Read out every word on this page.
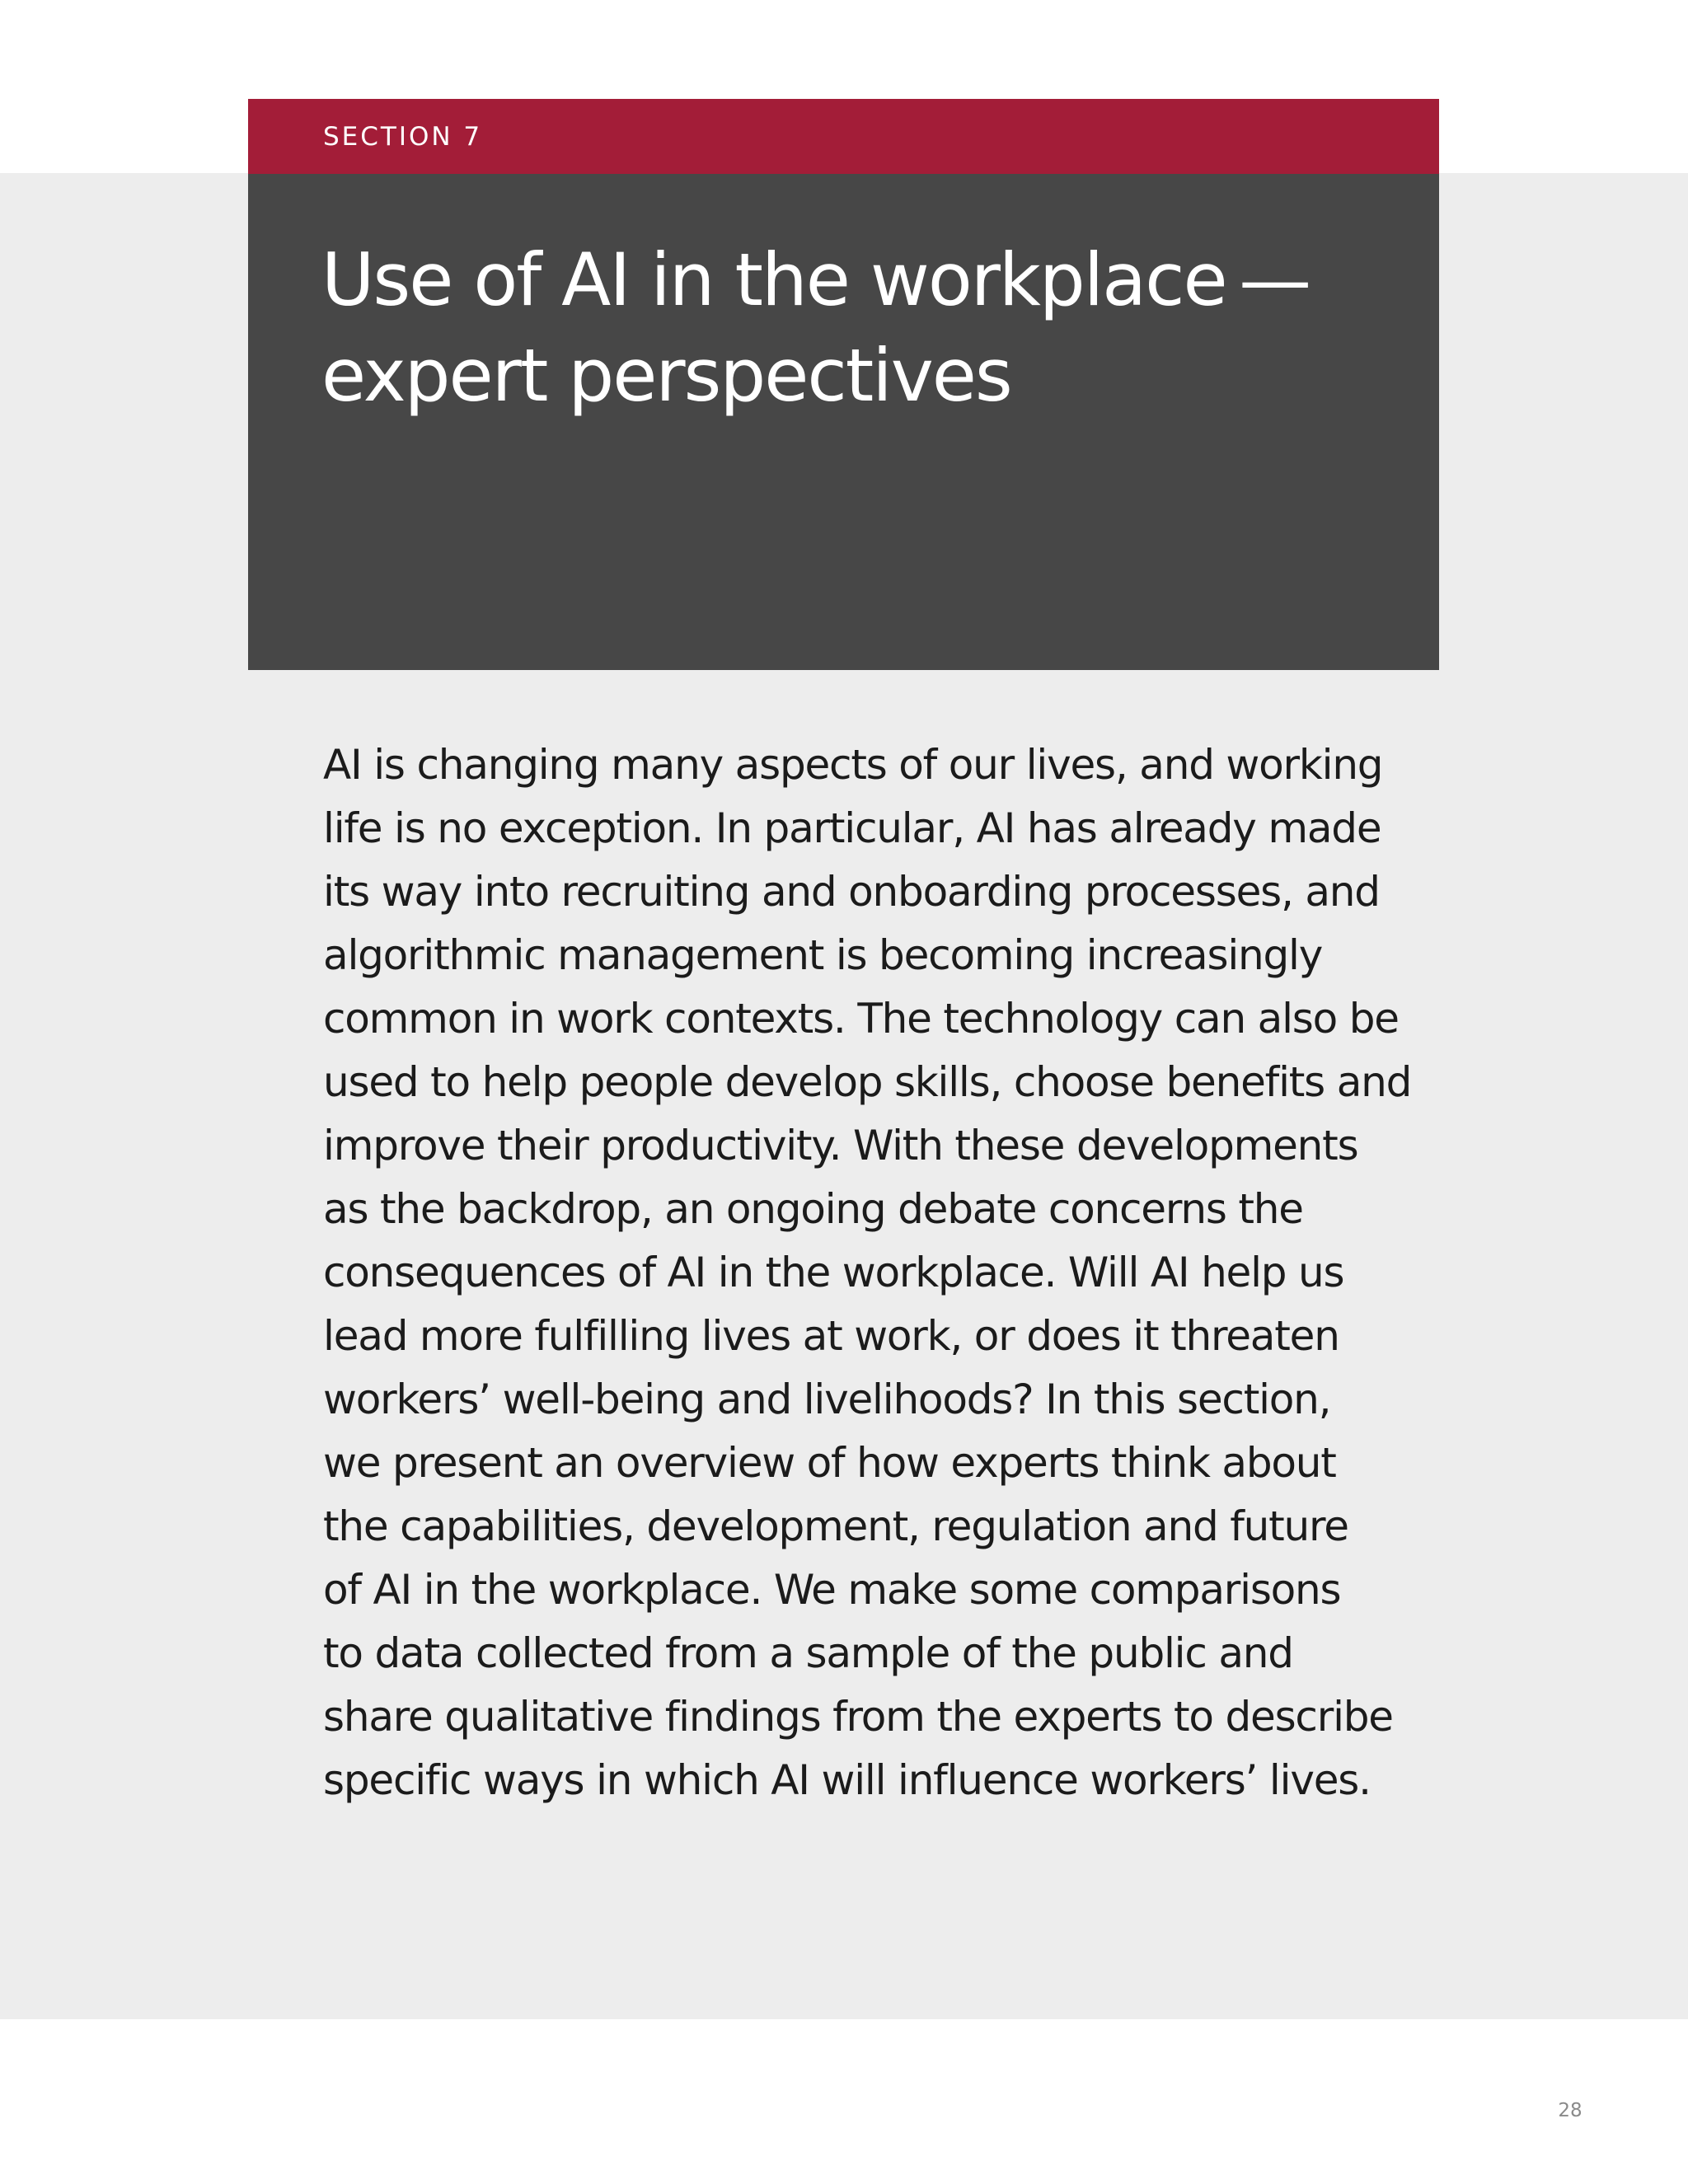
SECTION 7
Use of AI in the workplace —
expert perspectives

AI is changing many aspects of our lives, and working
life is no exception. In particular, AI has already made
its way into recruiting and onboarding processes, and
algorithmic management is becoming increasingly
common in work contexts. The technology can also be
used to help people develop skills, choose benefits and
improve their productivity. With these developments
as the backdrop, an ongoing debate concerns the
consequences of AI in the workplace. Will AI help us
lead more fulfilling lives at work, or does it threaten
workers’ well-being and livelihoods? In this section,
we present an overview of how experts think about
the capabilities, development, regulation and future
of AI in the workplace. We make some comparisons
to data collected from a sample of the public and
share qualitative findings from the experts to describe
specific ways in which AI will influence workers’ lives.

28
